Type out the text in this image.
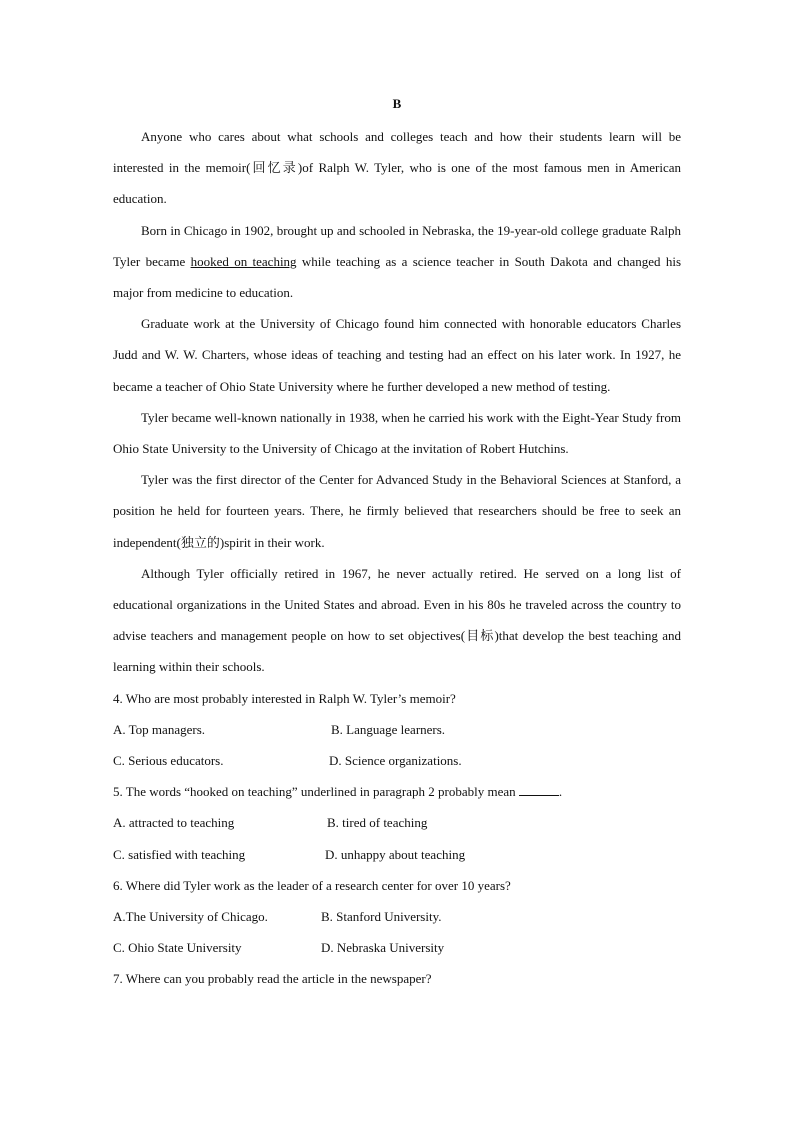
B

Anyone who cares about what schools and colleges teach and how their students learn will be interested in the memoir(回忆录)of Ralph W. Tyler, who is one of the most famous men in American education.

Born in Chicago in 1902, brought up and schooled in Nebraska, the 19-year-old college graduate Ralph Tyler became hooked on teaching while teaching as a science teacher in South Dakota and changed his major from medicine to education.

Graduate work at the University of Chicago found him connected with honorable educators Charles Judd and W. W. Charters, whose ideas of teaching and testing had an effect on his later work. In 1927, he became a teacher of Ohio State University where he further developed a new method of testing.

Tyler became well-known nationally in 1938, when he carried his work with the Eight-Year Study from Ohio State University to the University of Chicago at the invitation of Robert Hutchins.

Tyler was the first director of the Center for Advanced Study in the Behavioral Sciences at Stanford, a position he held for fourteen years. There, he firmly believed that researchers should be free to seek an independent(独立的)spirit in their work.

Although Tyler officially retired in 1967, he never actually retired. He served on a long list of educational organizations in the United States and abroad. Even in his 80s he traveled across the country to advise teachers and management people on how to set objectives(目标)that develop the best teaching and learning within their schools.

4. Who are most probably interested in Ralph W. Tyler’s memoir?
A. Top managers.	B. Language learners.
C. Serious educators.	D. Science organizations.
5. The words “hooked on teaching” underlined in paragraph 2 probably mean	.
A. attracted to teaching	B. tired of teaching
C. satisfied with teaching	D. unhappy about teaching
6. Where did Tyler work as the leader of a research center for over 10 years?
A.The University of Chicago.	B. Stanford University.
C. Ohio State University	D. Nebraska University
7. Where can you probably read the article in the newspaper?
